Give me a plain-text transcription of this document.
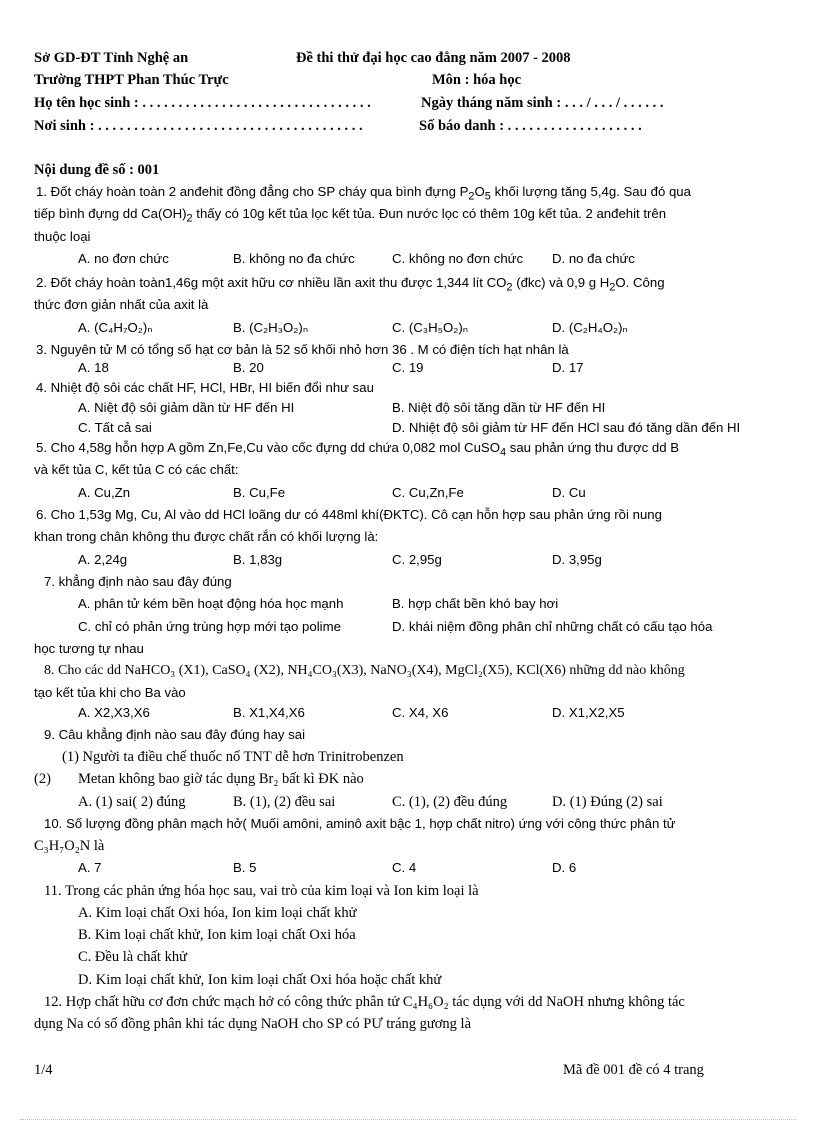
Sở GD-ĐT Tỉnh Nghệ an	Đề thi thử đại học cao đẳng năm 2007 - 2008
Trường THPT Phan Thúc Trực	Môn : hóa học
Họ tên học sinh : . . . . . . . . . . . . . . . . . . . . . . . . . . . . . . . .	Ngày tháng năm sinh : . . . / . . . / . . . . . .
Nơi sinh : . . . . . . . . . . . . . . . . . . . . . . . . . . . . . . . . . . . . .	Số báo danh : . . . . . . . . . . . . . . . . . . .
Nội dung đề số : 001
1. Đốt cháy hoàn toàn 2 anđehit đồng đẳng cho SP cháy qua bình đựng $P_2O_5$ khối lượng tăng 5,4g. Sau đó qua
tiếp bình đựng dd $Ca(OH)_2$ thấy có 10g kết tủa lọc kết tủa. Đun nước lọc có thêm 10g kết tủa. 2 anđehit trên
thuộc loại
A. no đơn chức	B. không no đa chức	C. không no đơn chức D. no đa chức
2. Đốt cháy hoàn toàn1,46g một axit hữu cơ nhiều lần axit thu được 1,344 lít $CO_2$ (đkc) và 0,9 g $H_2O$. Công
thức đơn giản nhất của axit là
A. (C₄H₇O₂)ₙ	B. (C₂H₃O₂)ₙ	C. (C₃H₅O₂)ₙ	D. (C₂H₄O₂)ₙ
3. Nguyên tử M có tổng số hạt cơ bản là 52 số khối nhỏ hơn 36 . M có điện tích hạt nhân là
A. 18	B. 20	C. 19	D. 17
4. Nhiệt độ sôi các chất HF, HCl, HBr, HI biến đổi như sau
A. Niệt độ sôi giảm dần từ HF đến HI	B. Niệt độ sôi tăng dần từ HF đến HI
C. Tất cả sai	D. Nhiệt độ sôi giảm từ HF đến HCl sau đó tăng dần đến HI
5. Cho 4,58g hỗn hợp A gồm Zn,Fe,Cu vào cốc đựng dd chứa 0,082 mol CuSO$_4$ sau phản ứng thu được dd B
và kết tủa C, kết tủa C có các chất:
A. Cu,Zn	B. Cu,Fe	C. Cu,Zn,Fe	D. Cu
6. Cho 1,53g Mg, Cu, Al vào dd HCl loãng dư có 448ml khí(ĐKTC). Cô cạn hỗn hợp sau phản ứng rồi nung
khan trong chân không thu được chất rắn có khối lượng là:
A. 2,24g	B. 1,83g	C. 2,95g	D. 3,95g
7. khẳng định nào sau đây đúng
A. phân tử kém bền hoạt động hóa học mạnh	B. hợp chất bền khó bay hơi
C. chỉ có phản ứng trùng hợp mới tạo polime	D. khái niệm đồng phân chỉ những chất có cấu tạo hóa
học tương tự nhau
8. Cho các dd NaHCO₃ (X1), CaSO₄ (X2), NH₄CO₃(X3), NaNO₃(X4), MgCl₂(X5), KCl(X6) những dd nào không
tạo kết tủa khi cho Ba vào
A. X2,X3,X6	B. X1,X4,X6	C. X4, X6	D. X1,X2,X5
9. Câu khẳng định nào sau đây đúng hay sai
(1) Người ta điều chế thuốc nổ TNT dễ hơn Trinitrobenzen
(2) Metan không bao giờ tác dụng Br₂ bất kì ĐK nào
A. (1) sai( 2) đúng	B. (1), (2) đều sai	C. (1), (2) đều đúng	D. (1) Đúng (2) sai
10. Số lượng đồng phân mạch hở( Muối amôni, aminô axit bậc 1, hợp chất nitro) ứng với công thức phân tử
C₃H₇O₂N là
A. 7	B. 5	C. 4	D. 6
11. Trong các phản ứng hóa học sau, vai trò của kim loại và Ion kim loại là
A. Kim loại chất Oxi hóa, Ion kim loại chất khử
B. Kim loại chất khử, Ion kim loại chất Oxi hóa
C. Đều là chất khử
D. Kim loại chất khử, Ion kim loại chất Oxi hóa hoặc chất khử
12. Hợp chất hữu cơ đơn chức mạch hở có công thức phân tử C₄H₆O₂ tác dụng với dd NaOH nhưng không tác
dụng Na có số đồng phân khi tác dụng NaOH cho SP có PƯ tráng gương là
1/4	Mã đề 001 đề có 4 trang
